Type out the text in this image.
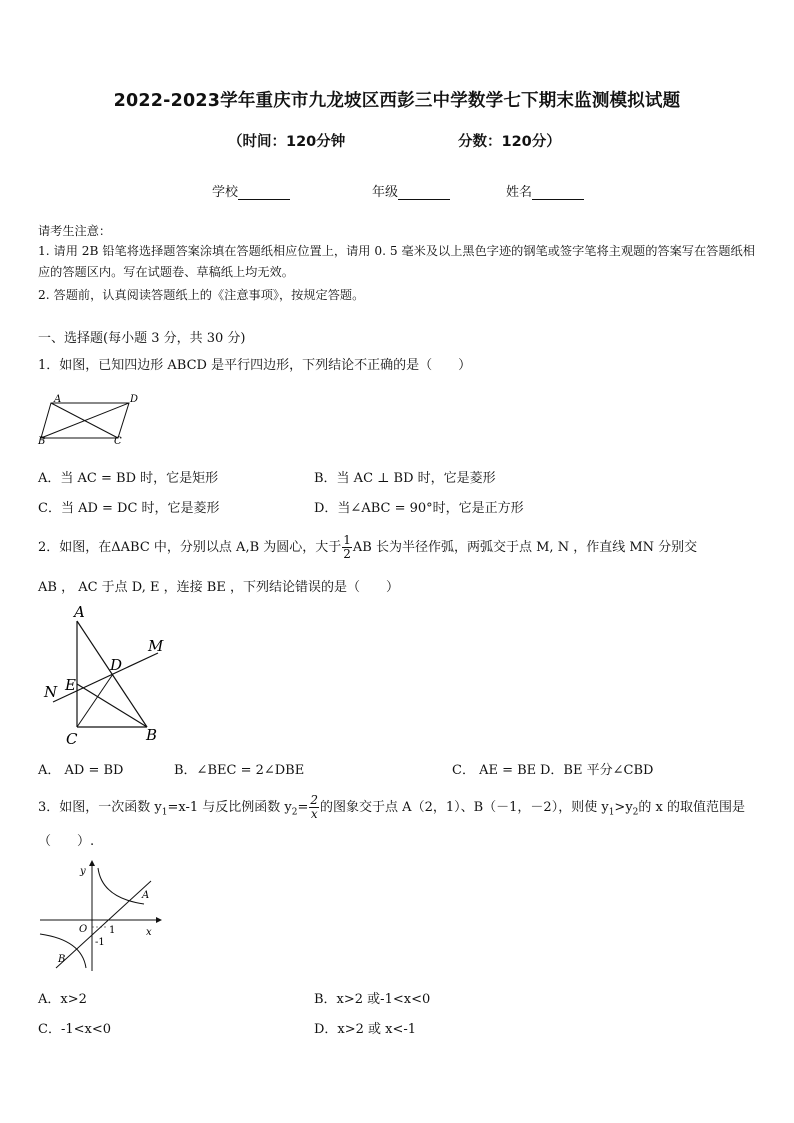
2022-2023学年重庆市九龙坡区西彭三中学数学七下期末监测模拟试题
（时间：120分钟	分数：120分）
学校	年级	姓名
请考生注意：
1. 请用 2B 铅笔将选择题答案涂填在答题纸相应位置上，请用 0. 5 毫米及以上黑色字迹的钢笔或签字笔将主观题的答案写在答题纸相应的答题区内。写在试题卷、草稿纸上均无效。
2. 答题前，认真阅读答题纸上的《注意事项》，按规定答题。
一、选择题(每小题 3 分，共 30 分)
1．如图，已知四边形 ABCD 是平行四边形，下列结论不正确的是（　　）
A	D
B	C
A．当 AC = BD 时，它是矩形	B．当 AC ⊥ BD 时，它是菱形
C．当 AD = DC 时，它是菱形	D．当∠ABC = 90°时，它是正方形
2．如图，在ΔABC 中，分别以点 A,B 为圆心，大于 $\frac{1}{2}$ AB 长为半径作弧，两弧交于点 M, N ，作直线 MN 分别交
AB ， AC 于点 D, E ，连接 BE ，下列结论错误的是（　　）
A
M
D
N E
C	B
A． AD = BD	B．∠BEC = 2∠DBE	C． AE = BE D．BE 平分∠CBD
3．如图，一次函数 $y_1=x-1$ 与反比例函数 $y_2= \frac{2}{x}$ 的图象交于点 A（2，1）、B（－1，－2），则使 $y_1>y_2$的 x 的取值范围是
（　　）.
y
A
O 1	x
-1
B
A．x>2	B．x>2 或-1<x<0
C．-1<x<0	D．x>2 或 x<-1
